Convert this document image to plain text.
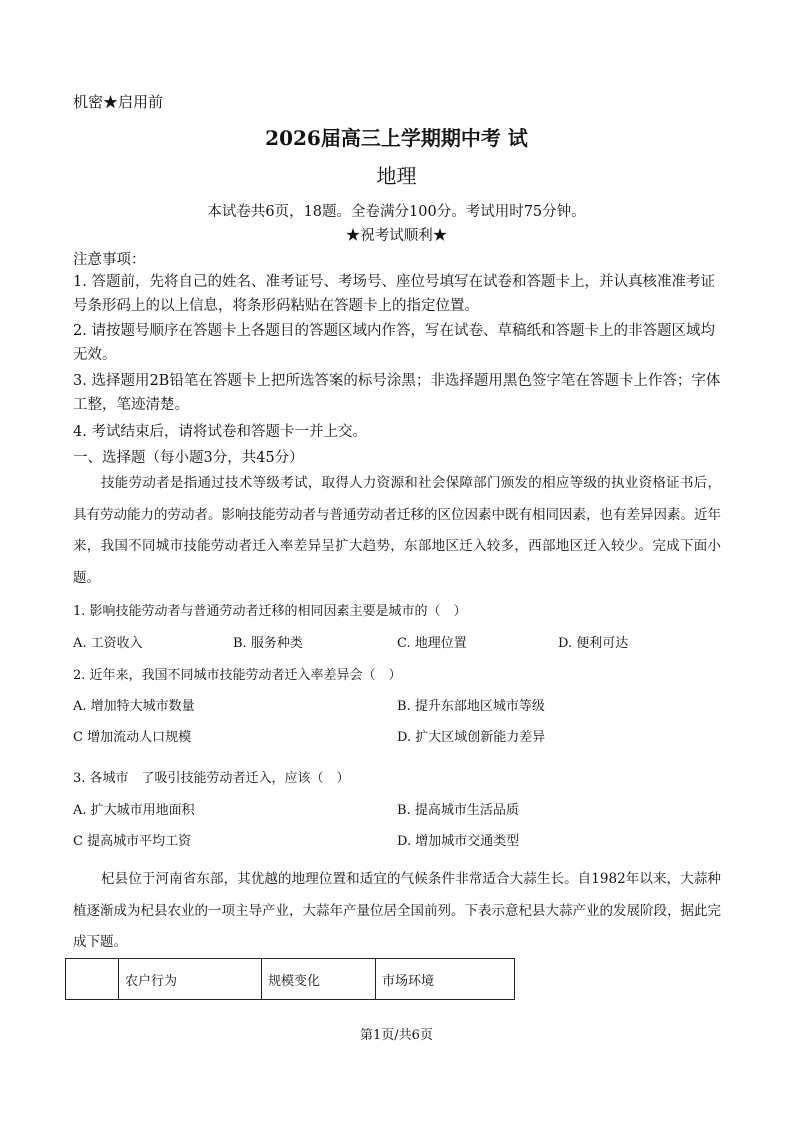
机密★启用前
2026届高三上学期期中考 试
地理
本试卷共6页，18题。全卷满分100分。考试用时75分钟。
★祝考试顺利★
注意事项：
1. 答题前，先将自己的姓名、准考证号、考场号、座位号填写在试卷和答题卡上，并认真核准准考证号条形码上的以上信息，将条形码粘贴在答题卡上的指定位置。
2. 请按题号顺序在答题卡上各题目的答题区域内作答，写在试卷、草稿纸和答题卡上的非答题区域均无效。
3. 选择题用2B铅笔在答题卡上把所选答案的标号涂黑；非选择题用黑色签字笔在答题卡上作答；字体工整，笔迹清楚。
4. 考试结束后，请将试卷和答题卡一并上交。
一、选择题（每小题3分，共45分）
技能劳动者是指通过技术等级考试，取得人力资源和社会保障部门颁发的相应等级的执业资格证书后，具有劳动能力的劳动者。影响技能劳动者与普通劳动者迁移的区位因素中既有相同因素，也有差异因素。近年来，我国不同城市技能劳动者迁入率差异呈扩大趋势，东部地区迁入较多，西部地区迁入较少。完成下面小题。
1. 影响技能劳动者与普通劳动者迁移的相同因素主要是城市的（　）
A. 工资收入	B. 服务种类	C. 地理位置	D. 便利可达
2. 近年来，我国不同城市技能劳动者迁入率差异会（　）
A. 增加特大城市数量	B. 提升东部地区城市等级
C 增加流动人口规模	D. 扩大区域创新能力差异
3. 各城市　了吸引技能劳动者迁入，应该（　）
A. 扩大城市用地面积	B. 提高城市生活品质
C 提高城市平均工资	D. 增加城市交通类型
杞县位于河南省东部，其优越的地理位置和适宜的气候条件非常适合大蒜生长。自1982年以来，大蒜种植逐渐成为杞县农业的一项主导产业，大蒜年产量位居全国前列。下表示意杞县大蒜产业的发展阶段，据此完成下题。
	农户行为	规模变化	市场环境
第1页/共6页
